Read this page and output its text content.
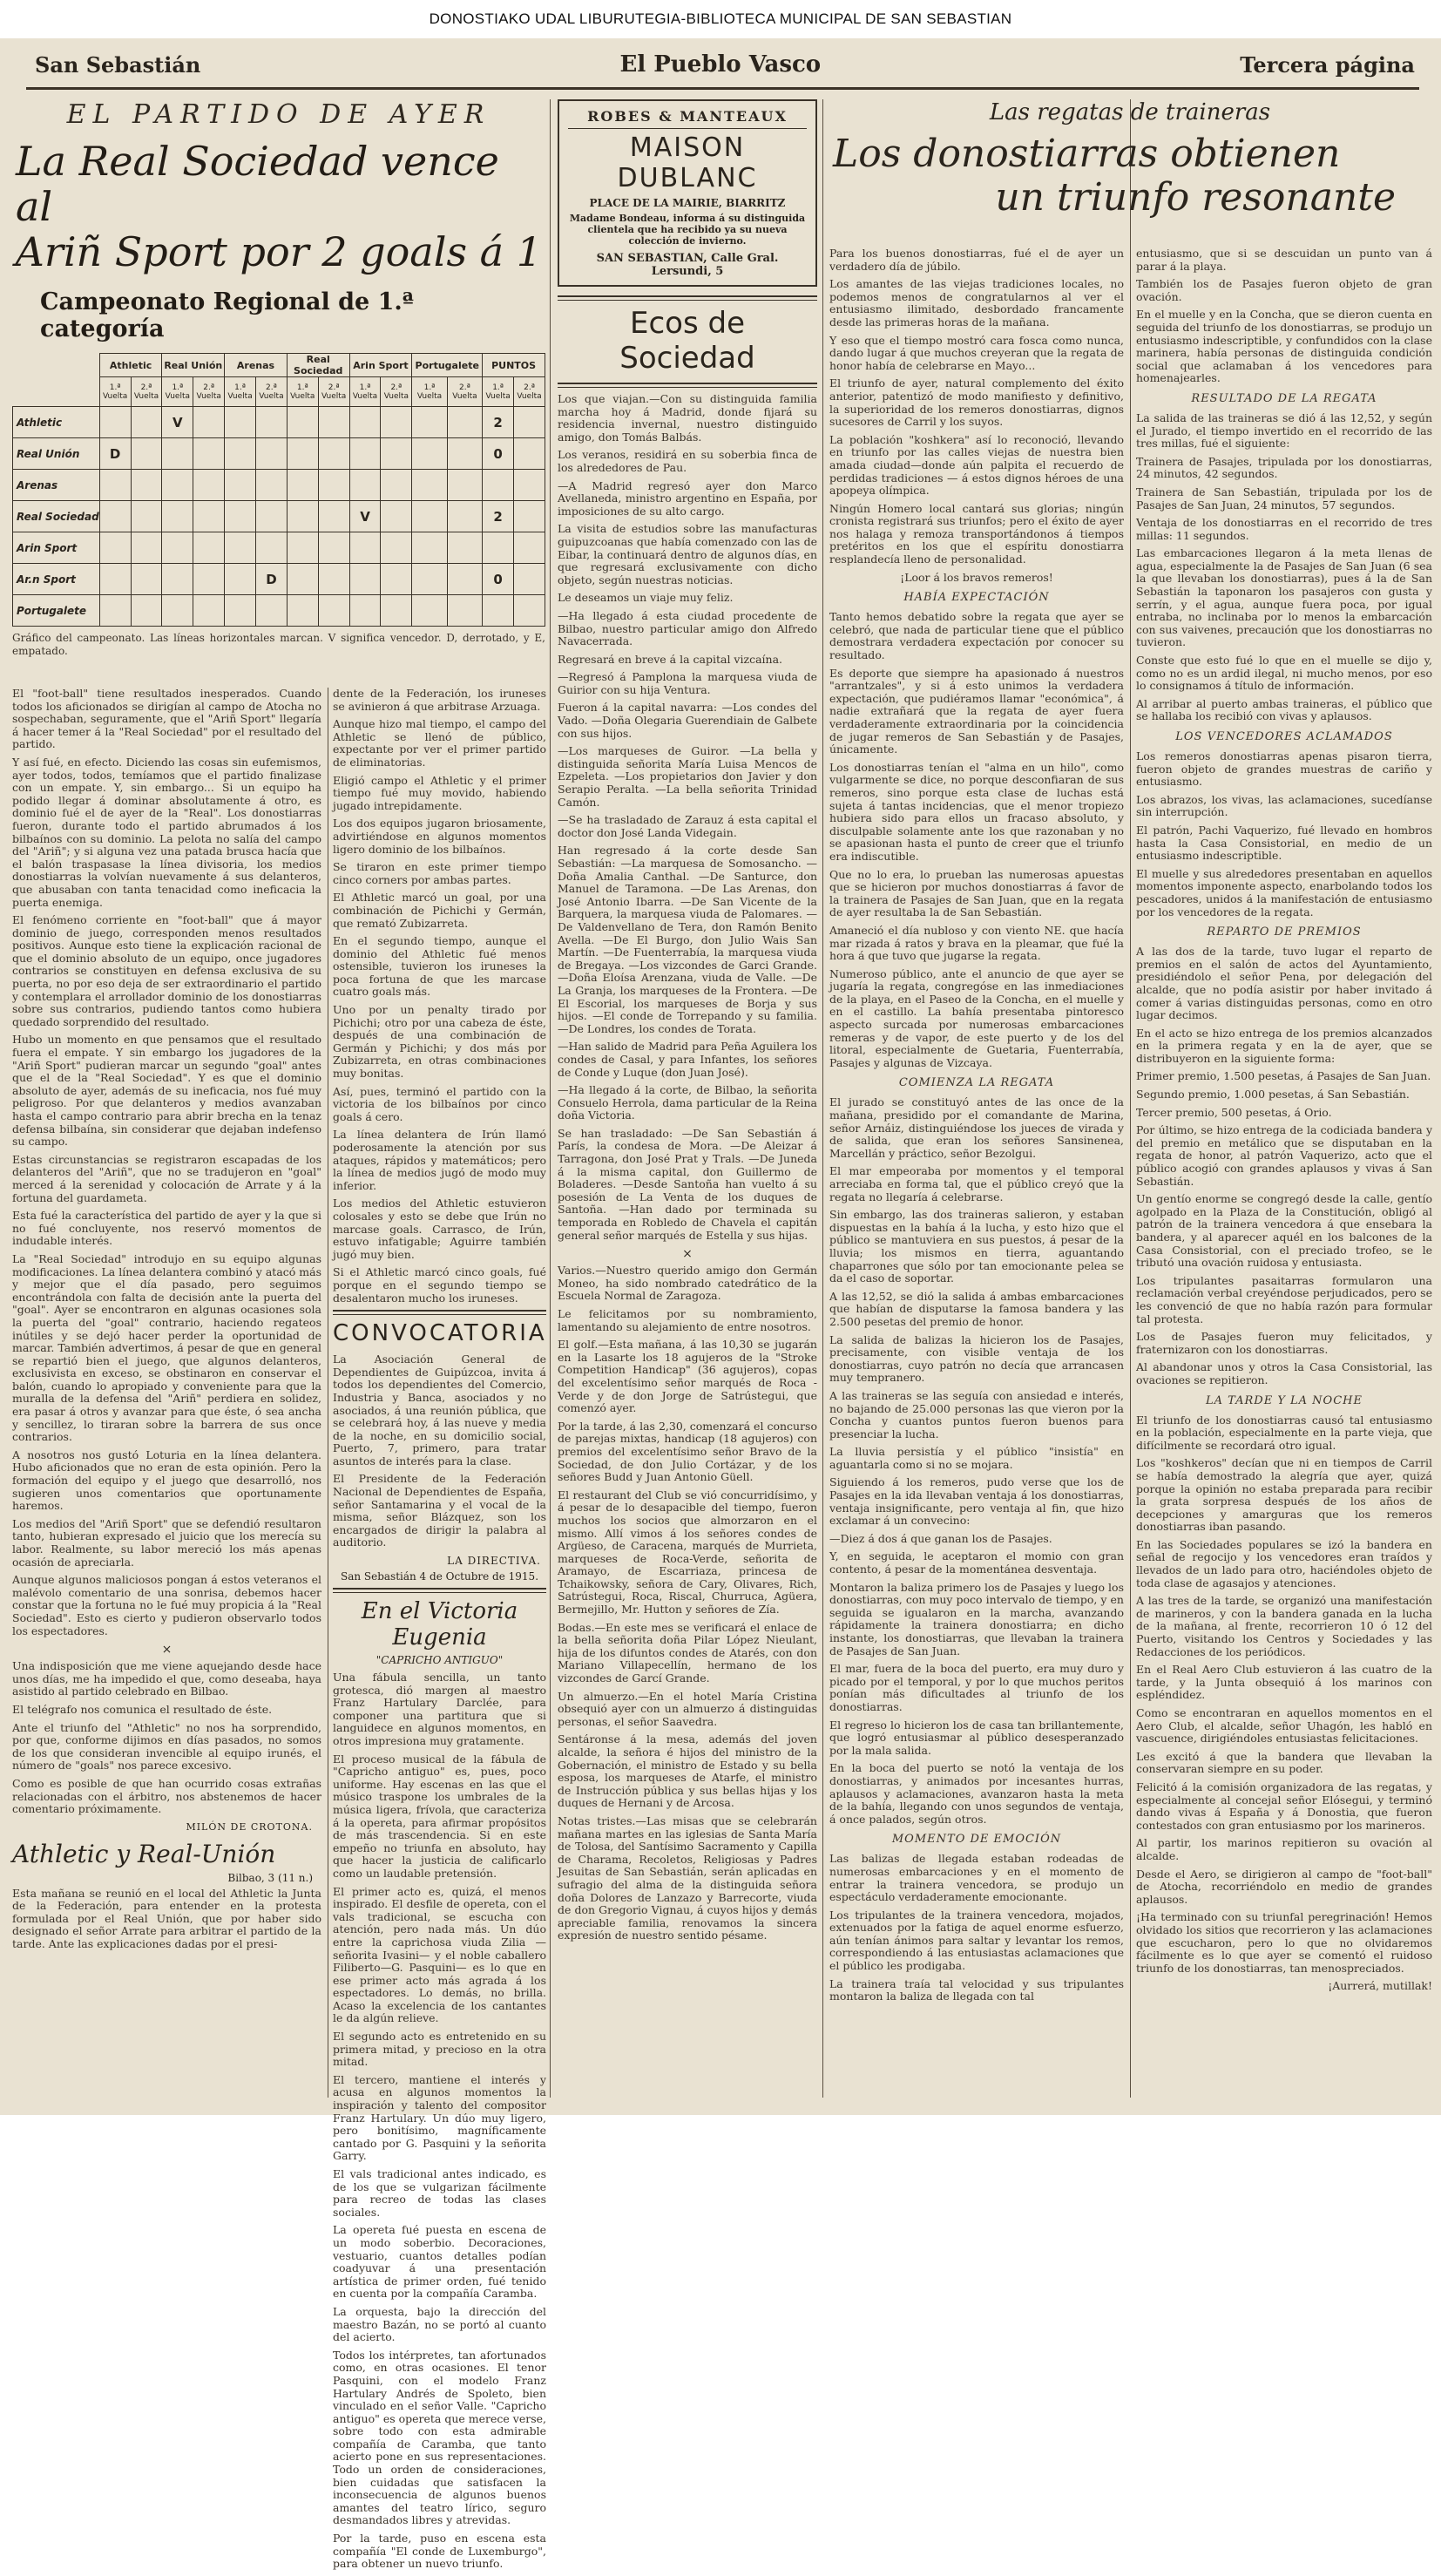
DONOSTIAKO UDAL LIBURUTEGIA-BIBLIOTECA MUNICIPAL DE SAN SEBASTIAN
San Sebastián	El Pueblo Vasco	Tercera página
EL PARTIDO DE AYER
La Real Sociedad vence al
Ariñ Sport por 2 goals á 1
Campeonato Regional de 1.ª categoría
	Athletic		Real Unión		Arenas		Real Sociedad		Arin Sport		Portugalete		PUNTOS	
	1.ª Vuelta	2.ª Vuelta	1.ª Vuelta	2.ª Vuelta	1.ª Vuelta	2.ª Vuelta	1.ª Vuelta	2.ª Vuelta	1.ª Vuelta	2.ª Vuelta	1.ª Vuelta	2.ª Vuelta	1.ª Vuelta	2.ª Vuelta
Athletic			V										2	
Real Unión	D												0	
Arenas														
Real Sociedad									V				2	
Arin Sport														
Ar.n Sport						D							0	
Portugalete														
Gráfico del campeonato. Las líneas horizontales marcan. V significa vencedor. D, derrotado, y E, empatado.

El "foot-ball" tiene resultados inesperados. Cuando todos los aficionados se dirigían al campo de Atocha no sospechaban, seguramente, que el "Ariñ Sport" llegaría á hacer temer á la "Real Sociedad" por el resultado del partido.

Y así fué, en efecto. Diciendo las cosas sin eufemismos, ayer todos, todos, temíamos que el partido finalizase con un empate. Y, sin embargo... Si un equipo ha podido llegar á dominar absolutamente á otro, es dominio fué el de ayer de la "Real". Los donostiarras fueron, durante todo el partido abrumados á los bilbaínos con su dominio. La pelota no salía del campo del "Ariñ"; y si alguna vez una patada brusca hacía que el balón traspasase la línea divisoria, los medios donostiarras la volvían nuevamente á sus delanteros, que abusaban con tanta tenacidad como ineficacia la puerta enemiga.

El fenómeno corriente en "foot-ball" que á mayor dominio de juego, corresponden menos resultados positivos. Aunque esto tiene la explicación racional de que el dominio absoluto de un equipo, once jugadores contrarios se constituyen en defensa exclusiva de su puerta, no por eso deja de ser extraordinario el partido y contemplara el arrollador dominio de los donostiarras sobre sus contrarios, pudiendo tantos como hubiera quedado sorprendido del resultado.

Hubo un momento en que pensamos que el resultado fuera el empate. Y sin embargo los jugadores de la "Ariñ Sport" pudieran marcar un segundo "goal" antes que el de la "Real Sociedad". Y es que el dominio absoluto de ayer, además de su ineficacia, nos fué muy peligroso. Por que delanteros y medios avanzaban hasta el campo contrario para abrir brecha en la tenaz defensa bilbaína, sin considerar que dejaban indefenso su campo.

Estas circunstancias se registraron escapadas de los delanteros del "Ariñ", que no se tradujeron en "goal" merced á la serenidad y colocación de Arrate y á la fortuna del guardameta.

Esta fué la característica del partido de ayer y la que si no fué concluyente, nos reservó momentos de indudable interés.

La "Real Sociedad" introdujo en su equipo algunas modificaciones. La línea delantera combinó y atacó más y mejor que el día pasado, pero seguimos encontrándola con falta de decisión ante la puerta del "goal". Ayer se encontraron en algunas ocasiones sola la puerta del "goal" contrario, haciendo regateos inútiles y se dejó hacer perder la oportunidad de marcar. También advertimos, á pesar de que en general se repartió bien el juego, que algunos delanteros, exclusivista en exceso, se obstinaron en conservar el balón, cuando lo apropiado y conveniente para que la muralla de la defensa del "Ariñ" perdiera en solidez, era pasar á otros y avanzar para que éste, ó sea ancha y sencillez, lo tiraran sobre la barrera de sus once contrarios.

A nosotros nos gustó Loturia en la línea delantera. Hubo aficionados que no eran de esta opinión. Pero la formación del equipo y el juego que desarrolló, nos sugieren unos comentarios que oportunamente haremos.

Los medios del "Ariñ Sport" que se defendió resultaron tanto, hubieran expresado el juicio que los merecía su labor. Realmente, su labor mereció los más apenas ocasión de apreciarla.

Aunque algunos maliciosos pongan á estos veteranos el malévolo comentario de una sonrisa, debemos hacer constar que la fortuna no le fué muy propicia á la "Real Sociedad". Esto es cierto y pudieron observarlo todos los espectadores.

×

Una indisposición que me viene aquejando desde hace unos días, me ha impedido el que, como deseaba, haya asistido al partido celebrado en Bilbao.

El telégrafo nos comunica el resultado de éste.

Ante el triunfo del "Athletic" no nos ha sorprendido, por que, conforme dijimos en días pasados, no somos de los que consideran invencible al equipo irunés, el número de "goals" nos parece excesivo.

Como es posible de que han ocurrido cosas extrañas relacionadas con el árbitro, nos abstenemos de hacer comentario próximamente.

MILÓN DE CROTONA.
Athletic y Real-Unión
Bilbao, 3 (11 n.)

Esta mañana se reunió en el local del Athletic la Junta de la Federación, para entender en la protesta formulada por el Real Unión, que por haber sido designado el señor Arrate para arbitrar el partido de la tarde. Ante las explicaciones dadas por el presi-

dente de la Federación, los iruneses se avinieron á que arbitrase Arzuaga.

Aunque hizo mal tiempo, el campo del Athletic se llenó de público, expectante por ver el primer partido de eliminatorias.

Eligió campo el Athletic y el primer tiempo fué muy movido, habiendo jugado intrepidamente.

Los dos equipos jugaron briosamente, advirtiéndose en algunos momentos ligero dominio de los bilbaínos.

Se tiraron en este primer tiempo cinco corners por ambas partes.

El Athletic marcó un goal, por una combinación de Pichichi y Germán, que remató Zubizarreta.

En el segundo tiempo, aunque el dominio del Athletic fué menos ostensible, tuvieron los iruneses la poca fortuna de que les marcase cuatro goals más.

Uno por un penalty tirado por Pichichi; otro por una cabeza de éste, después de una combinación de Germán y Pichichi; y dos más por Zubizarreta, en otras combinaciones muy bonitas.

Así, pues, terminó el partido con la victoria de los bilbaínos por cinco goals á cero.

La línea delantera de Irún llamó poderosamente la atención por sus ataques, rápidos y matemáticos; pero la línea de medios jugó de modo muy inferior.

Los medios del Athletic estuvieron colosales y esto se debe que Irún no marcase goals. Carrasco, de Irún, estuvo infatigable; Aguirre también jugó muy bien.

Si el Athletic marcó cinco goals, fué porque en el segundo tiempo se desalentaron mucho los iruneses.

CONVOCATORIA

La Asociación General de Dependientes de Guipúzcoa, invita á todos los dependientes del Comercio, Industria y Banca, asociados y no asociados, á una reunión pública, que se celebrará hoy, á las nueve y media de la noche, en su domicilio social, Puerto, 7, primero, para tratar asuntos de interés para la clase.

El Presidente de la Federación Nacional de Dependientes de España, señor Santamarina y el vocal de la misma, señor Blázquez, son los encargados de dirigir la palabra al auditorio.

LA DIRECTIVA.
San Sebastián 4 de Octubre de 1915.
En el Victoria Eugenia
"CAPRICHO ANTIGUO"

Una fábula sencilla, un tanto grotesca, dió margen al maestro Franz Hartulary Darclée, para componer una partitura que si languidece en algunos momentos, en otros impresiona muy gratamente.

El proceso musical de la fábula de "Capricho antiguo" es, pues, poco uniforme. Hay escenas en las que el músico traspone los umbrales de la música ligera, frívola, que caracteriza á la opereta, para afirmar propósitos de más trascendencia. Si en este empeño no triunfa en absoluto, hay que hacer la justicia de calificarlo como un laudable pretensión.

El primer acto es, quizá, el menos inspirado. El desfile de opereta, con el vals tradicional, se escucha con atención, pero nada más. Un dúo entre la caprichosa viuda Zilia —señorita Ivasini— y el noble caballero Filiberto—G. Pasquini— es lo que en ese primer acto más agrada á los espectadores. Lo demás, no brilla. Acaso la excelencia de los cantantes le da algún relieve.

El segundo acto es entretenido en su primera mitad, y precioso en la otra mitad.

El tercero, mantiene el interés y acusa en algunos momentos la inspiración y talento del compositor Franz Hartulary. Un dúo muy ligero, pero bonitísimo, magníficamente cantado por G. Pasquini y la señorita Garry.

El vals tradicional antes indicado, es de los que se vulgarizan fácilmente para recreo de todas las clases sociales.

La opereta fué puesta en escena de un modo soberbio. Decoraciones, vestuario, cuantos detalles podían coadyuvar á una presentación artística de primer orden, fué tenido en cuenta por la compañía Caramba.

La orquesta, bajo la dirección del maestro Bazán, no se portó al cuanto del acierto.

Todos los intérpretes, tan afortunados como, en otras ocasiones. El tenor Pasquini, con el modelo Franz Hartulary Andrés de Spoleto, bien vinculado en el señor Valle. "Capricho antiguo" es opereta que merece verse, sobre todo con esta admirable compañía de Caramba, que tanto acierto pone en sus representaciones. Todo un orden de consideraciones, bien cuidadas que satisfacen la inconsecuencia de algunos buenos amantes del teatro lírico, seguro desmandados libres y atrevidas.

Por la tarde, puso en escena esta compañía "El conde de Luxemburgo", para obtener un nuevo triunfo.

ROBES & MANTEAUX
MAISON DUBLANC
PLACE DE LA MAIRIE, BIARRITZ
Madame Bondeau, informa á su distinguida clientela que ha recibido ya su nueva colección de invierno.
SAN SEBASTIAN, Calle Gral. Lersundi, 5
Ecos de Sociedad

Los que viajan.—Con su distinguida familia marcha hoy á Madrid, donde fijará su residencia invernal, nuestro distinguido amigo, don Tomás Balbás.

Los veranos, residirá en su soberbia finca de los alrededores de Pau.

—A Madrid regresó ayer don Marco Avellaneda, ministro argentino en España, por imposiciones de su alto cargo.

La visita de estudios sobre las manufacturas guipuzcoanas que había comenzado con las de Eibar, la continuará dentro de algunos días, en que regresará exclusivamente con dicho objeto, según nuestras noticias.

Le deseamos un viaje muy feliz.

—Ha llegado á esta ciudad procedente de Bilbao, nuestro particular amigo don Alfredo Navacerrada.

Regresará en breve á la capital vizcaína.

—Regresó á Pamplona la marquesa viuda de Guirior con su hija Ventura.

Fueron á la capital navarra: —Los condes del Vado. —Doña Olegaria Guerendiain de Galbete con sus hijos.

—Los marqueses de Guiror. —La bella y distinguida señorita María Luisa Mencos de Ezpeleta. —Los propietarios don Javier y don Serapio Peralta. —La bella señorita Trinidad Camón.

—Se ha trasladado de Zarauz á esta capital el doctor don José Landa Videgain.

Han regresado á la corte desde San Sebastián: —La marquesa de Somosancho. —Doña Amalia Canthal. —De Santurce, don Manuel de Taramona. —De Las Arenas, don José Antonio Ibarra. —De San Vicente de la Barquera, la marquesa viuda de Palomares. —De Valdenvellano de Tera, don Ramón Benito Avella. —De El Burgo, don Julio Wais San Martín. —De Fuenterrabía, la marquesa viuda de Bregaya. —Los vizcondes de Garci Grande. —Doña Eloísa Arenzana, viuda de Valle. —De La Granja, los marqueses de la Frontera. —De El Escorial, los marqueses de Borja y sus hijos. —El conde de Torrepando y su familia. —De Londres, los condes de Torata.

—Han salido de Madrid para Peña Aguilera los condes de Casal, y para Infantes, los señores de Conde y Luque (don Juan José).

—Ha llegado á la corte, de Bilbao, la señorita Consuelo Herrola, dama particular de la Reina doña Victoria.

Se han trasladado: —De San Sebastián á París, la condesa de Mora. —De Aleizar á Tarragona, don José Prat y Trals. —De Juneda á la misma capital, don Guillermo de Boladeres. —Desde Santoña han vuelto á su posesión de La Venta de los duques de Santoña. —Han dado por terminada su temporada en Robledo de Chavela el capitán general señor marqués de Estella y sus hijas.

×

Varios.—Nuestro querido amigo don Germán Moneo, ha sido nombrado catedrático de la Escuela Normal de Zaragoza.

Le felicitamos por su nombramiento, lamentando su alejamiento de entre nosotros.

El golf.—Esta mañana, á las 10,30 se jugarán en la Lasarte los 18 agujeros de la "Stroke Competition Handicap" (36 agujeros), copas del excelentísimo señor marqués de Roca - Verde y de don Jorge de Satrústegui, que comenzó ayer.

Por la tarde, á las 2,30, comenzará el concurso de parejas mixtas, handicap (18 agujeros) con premios del excelentísimo señor Bravo de la Sociedad, de don Julio Cortázar, y de los señores Budd y Juan Antonio Güell.

El restaurant del Club se vió concurridísimo, y á pesar de lo desapacible del tiempo, fueron muchos los socios que almorzaron en el mismo. Allí vimos á los señores condes de Argüeso, de Caracena, marqués de Murrieta, marqueses de Roca-Verde, señorita de Aramayo, de Escarriaza, princesa de Tchaikowsky, señora de Cary, Olivares, Rich, Satrústegui, Roca, Riscal, Churruca, Agüera, Bermejillo, Mr. Hutton y señores de Zía.

Bodas.—En este mes se verificará el enlace de la bella señorita doña Pilar López Nieulant, hija de los difuntos condes de Atarés, con don Mariano Villapecellín, hermano de los vizcondes de Garcí Grande.

Un almuerzo.—En el hotel María Cristina obsequió ayer con un almuerzo á distinguidas personas, el señor Saavedra.

Sentáronse á la mesa, además del joven alcalde, la señora é hijos del ministro de la Gobernación, el ministro de Estado y su bella esposa, los marqueses de Atarfe, el ministro de Instrucción pública y sus bellas hijas y los duques de Hernani y de Arcosa.

Notas tristes.—Las misas que se celebrarán mañana martes en las iglesias de Santa María de Tolosa, del Santísimo Sacramento y Capilla de Charama, Recoletos, Religiosas y Padres Jesuitas de San Sebastián, serán aplicadas en sufragio del alma de la distinguida señora doña Dolores de Lanzazo y Barrecorte, viuda de don Gregorio Vignau, á cuyos hijos y demás apreciable familia, renovamos la sincera expresión de nuestro sentido pésame.

Las regatas de traineras
Los donostiarras obtienen
un triunfo resonante

Para los buenos donostiarras, fué el de ayer un verdadero día de júbilo.

Los amantes de las viejas tradiciones locales, no podemos menos de congratularnos al ver el entusiasmo ilimitado, desbordado francamente desde las primeras horas de la mañana.

Y eso que el tiempo mostró cara fosca como nunca, dando lugar á que muchos creyeran que la regata de honor había de celebrarse en Mayo...

El triunfo de ayer, natural complemento del éxito anterior, patentizó de modo manifiesto y definitivo, la superioridad de los remeros donostiarras, dignos sucesores de Carril y los suyos.

La población "koshkera" así lo reconoció, llevando en triunfo por las calles viejas de nuestra bien amada ciudad—donde aún palpita el recuerdo de perdidas tradiciones — á estos dignos héroes de una apopeya olímpica.

Ningún Homero local cantará sus glorias; ningún cronista registrará sus triunfos; pero el éxito de ayer nos halaga y remoza transportándonos á tiempos pretéritos en los que el espíritu donostiarra resplandecía lleno de personalidad.

¡Loor á los bravos remeros!

HABÍA EXPECTACIÓN

Tanto hemos debatido sobre la regata que ayer se celebró, que nada de particular tiene que el público demostrara verdadera expectación por conocer su resultado.

Es deporte que siempre ha apasionado á nuestros "arrantzales", y si á esto unimos la verdadera expectación, que pudiéramos llamar "económica", á nadie extrañará que la regata de ayer fuera verdaderamente extraordinaria por la coincidencia de jugar remeros de San Sebastián y de Pasajes, únicamente.

Los donostiarras tenían el "alma en un hilo", como vulgarmente se dice, no porque desconfiaran de sus remeros, sino porque esta clase de luchas está sujeta á tantas incidencias, que el menor tropiezo hubiera sido para ellos un fracaso absoluto, y disculpable solamente ante los que razonaban y no se apasionan hasta el punto de creer que el triunfo era indiscutible.

Que no lo era, lo prueban las numerosas apuestas que se hicieron por muchos donostiarras á favor de la trainera de Pasajes de San Juan, que en la regata de ayer resultaba la de San Sebastián.

Amaneció el día nubloso y con viento NE. que hacía mar rizada á ratos y brava en la pleamar, que fué la hora á que tuvo que jugarse la regata.

Numeroso público, ante el anuncio de que ayer se jugaría la regata, congregóse en las inmediaciones de la playa, en el Paseo de la Concha, en el muelle y en el castillo. La bahía presentaba pintoresco aspecto surcada por numerosas embarcaciones remeras y de vapor, de este puerto y de los del litoral, especialmente de Guetaria, Fuenterrabía, Pasajes y algunas de Vizcaya.

COMIENZA LA REGATA

El jurado se constituyó antes de las once de la mañana, presidido por el comandante de Marina, señor Arnáiz, distinguiéndose los jueces de virada y de salida, que eran los señores Sansinenea, Marcellán y práctico, señor Bezolgui.

El mar empeoraba por momentos y el temporal arreciaba en forma tal, que el público creyó que la regata no llegaría á celebrarse.

Sin embargo, las dos traineras salieron, y estaban dispuestas en la bahía á la lucha, y esto hizo que el público se mantuviera en sus puestos, á pesar de la lluvia; los mismos en tierra, aguantando chaparrones que sólo por tan emocionante pelea se da el caso de soportar.

A las 12,52, se dió la salida á ambas embarcaciones que habían de disputarse la famosa bandera y las 2.500 pesetas del premio de honor.

La salida de balizas la hicieron los de Pasajes, precisamente, con visible ventaja de los donostiarras, cuyo patrón no decía que arrancasen muy tempranero.

A las traineras se las seguía con ansiedad e interés, no bajando de 25.000 personas las que vieron por la Concha y cuantos puntos fueron buenos para presenciar la lucha.

La lluvia persistía y el público "insistía" en aguantarla como si no se mojara.

Siguiendo á los remeros, pudo verse que los de Pasajes en la ida llevaban ventaja á los donostiarras, ventaja insignificante, pero ventaja al fin, que hizo exclamar á un convecino:

—Diez á dos á que ganan los de Pasajes.

Y, en seguida, le aceptaron el momio con gran contento, á pesar de la momentánea desventaja.

Montaron la baliza primero los de Pasajes y luego los donostiarras, con muy poco intervalo de tiempo, y en seguida se igualaron en la marcha, avanzando rápidamente la trainera donostiarra; en dicho instante, los donostiarras, que llevaban la trainera de Pasajes de San Juan.

El mar, fuera de la boca del puerto, era muy duro y picado por el temporal, y por lo que muchos peritos ponían más dificultades al triunfo de los donostiarras.

El regreso lo hicieron los de casa tan brillantemente, que logró entusiasmar al público desesperanzado por la mala salida.

En la boca del puerto se notó la ventaja de los donostiarras, y animados por incesantes hurras, aplausos y aclamaciones, avanzaron hasta la meta de la bahía, llegando con unos segundos de ventaja, á once palados, según otros.

MOMENTO DE EMOCIÓN

Las balizas de llegada estaban rodeadas de numerosas embarcaciones y en el momento de entrar la trainera vencedora, se produjo un espectáculo verdaderamente emocionante.

Los tripulantes de la trainera vencedora, mojados, extenuados por la fatiga de aquel enorme esfuerzo, aún tenían ánimos para saltar y levantar los remos, correspondiendo á las entusiastas aclamaciones que el público les prodigaba.

La trainera traía tal velocidad y sus tripulantes montaron la baliza de llegada con tal

entusiasmo, que si se descuidan un punto van á parar á la playa.

También los de Pasajes fueron objeto de gran ovación.

En el muelle y en la Concha, que se dieron cuenta en seguida del triunfo de los donostiarras, se produjo un entusiasmo indescriptible, y confundidos con la clase marinera, había personas de distinguida condición social que aclamaban á los vencedores para homenajearles.

RESULTADO DE LA REGATA

La salida de las traineras se dió á las 12,52, y según el Jurado, el tiempo invertido en el recorrido de las tres millas, fué el siguiente:

Trainera de Pasajes, tripulada por los donostiarras, 24 minutos, 42 segundos.

Trainera de San Sebastián, tripulada por los de Pasajes de San Juan, 24 minutos, 57 segundos.

Ventaja de los donostiarras en el recorrido de tres millas: 11 segundos.

Las embarcaciones llegaron á la meta llenas de agua, especialmente la de Pasajes de San Juan (6 sea la que llevaban los donostiarras), pues á la de San Sebastián la taponaron los pasajeros con gusta y serrín, y el agua, aunque fuera poca, por igual entraba, no inclinaba por lo menos la embarcación con sus vaivenes, precaución que los donostiarras no tuvieron.

Conste que esto fué lo que en el muelle se dijo y, como no es un ardid ilegal, ni mucho menos, por eso lo consignamos á título de información.

Al arribar al puerto ambas traineras, el público que se hallaba los recibió con vivas y aplausos.

LOS VENCEDORES ACLAMADOS

Los remeros donostiarras apenas pisaron tierra, fueron objeto de grandes muestras de cariño y entusiasmo.

Los abrazos, los vivas, las aclamaciones, sucedíanse sin interrupción.

El patrón, Pachi Vaquerizo, fué llevado en hombros hasta la Casa Consistorial, en medio de un entusiasmo indescriptible.

El muelle y sus alrededores presentaban en aquellos momentos imponente aspecto, enarbolando todos los pescadores, unidos á la manifestación de entusiasmo por los vencedores de la regata.

REPARTO DE PREMIOS

A las dos de la tarde, tuvo lugar el reparto de premios en el salón de actos del Ayuntamiento, presidiéndolo el señor Pena, por delegación del alcalde, que no podía asistir por haber invitado á comer á varias distinguidas personas, como en otro lugar decimos.

En el acto se hizo entrega de los premios alcanzados en la primera regata y en la de ayer, que se distribuyeron en la siguiente forma:

Primer premio, 1.500 pesetas, á Pasajes de San Juan.

Segundo premio, 1.000 pesetas, á San Sebastián.

Tercer premio, 500 pesetas, á Orio.

Por último, se hizo entrega de la codiciada bandera y del premio en metálico que se disputaban en la regata de honor, al patrón Vaquerizo, acto que el público acogió con grandes aplausos y vivas á San Sebastián.

Un gentío enorme se congregó desde la calle, gentío agolpado en la Plaza de la Constitución, obligó al patrón de la trainera vencedora á que ensebara la bandera, y al aparecer aquél en los balcones de la Casa Consistorial, con el preciado trofeo, se le tributó una ovación ruidosa y entusiasta.

Los tripulantes pasaitarras formularon una reclamación verbal creyéndose perjudicados, pero se les convenció de que no había razón para formular tal protesta.

Los de Pasajes fueron muy felicitados, y fraternizaron con los donostiarras.

Al abandonar unos y otros la Casa Consistorial, las ovaciones se repitieron.

LA TARDE Y LA NOCHE

El triunfo de los donostiarras causó tal entusiasmo en la población, especialmente en la parte vieja, que difícilmente se recordará otro igual.

Los "koshkeros" decían que ni en tiempos de Carril se había demostrado la alegría que ayer, quizá porque la opinión no estaba preparada para recibir la grata sorpresa después de los años de decepciones y amarguras que los remeros donostiarras iban pasando.

En las Sociedades populares se izó la bandera en señal de regocijo y los vencedores eran traídos y llevados de un lado para otro, haciéndoles objeto de toda clase de agasajos y atenciones.

A las tres de la tarde, se organizó una manifestación de marineros, y con la bandera ganada en la lucha de la mañana, al frente, recorrieron 10 ó 12 del Puerto, visitando los Centros y Sociedades y las Redacciones de los periódicos.

En el Real Aero Club estuvieron á las cuatro de la tarde, y la Junta obsequió á los marinos con espléndidez.

Como se encontraran en aquellos momentos en el Aero Club, el alcalde, señor Uhagón, les habló en vascuence, dirigiéndoles entusiastas felicitaciones.

Les excitó á que la bandera que llevaban la conservaran siempre en su poder.

Felicitó á la comisión organizadora de las regatas, y especialmente al concejal señor Elósegui, y terminó dando vivas á España y á Donostia, que fueron contestados con gran entusiasmo por los marineros.

Al partir, los marinos repitieron su ovación al alcalde.

Desde el Aero, se dirigieron al campo de "foot-ball" de Atocha, recorriéndolo en medio de grandes aplausos.

¡Ha terminado con su triunfal peregrinación! Hemos olvidado los sitios que recorrieron y las aclamaciones que escucharon, pero lo que no olvidaremos fácilmente es lo que ayer se comentó el ruidoso triunfo de los donostiarras, tan menospreciados.

¡Aurrerá, mutillak!
